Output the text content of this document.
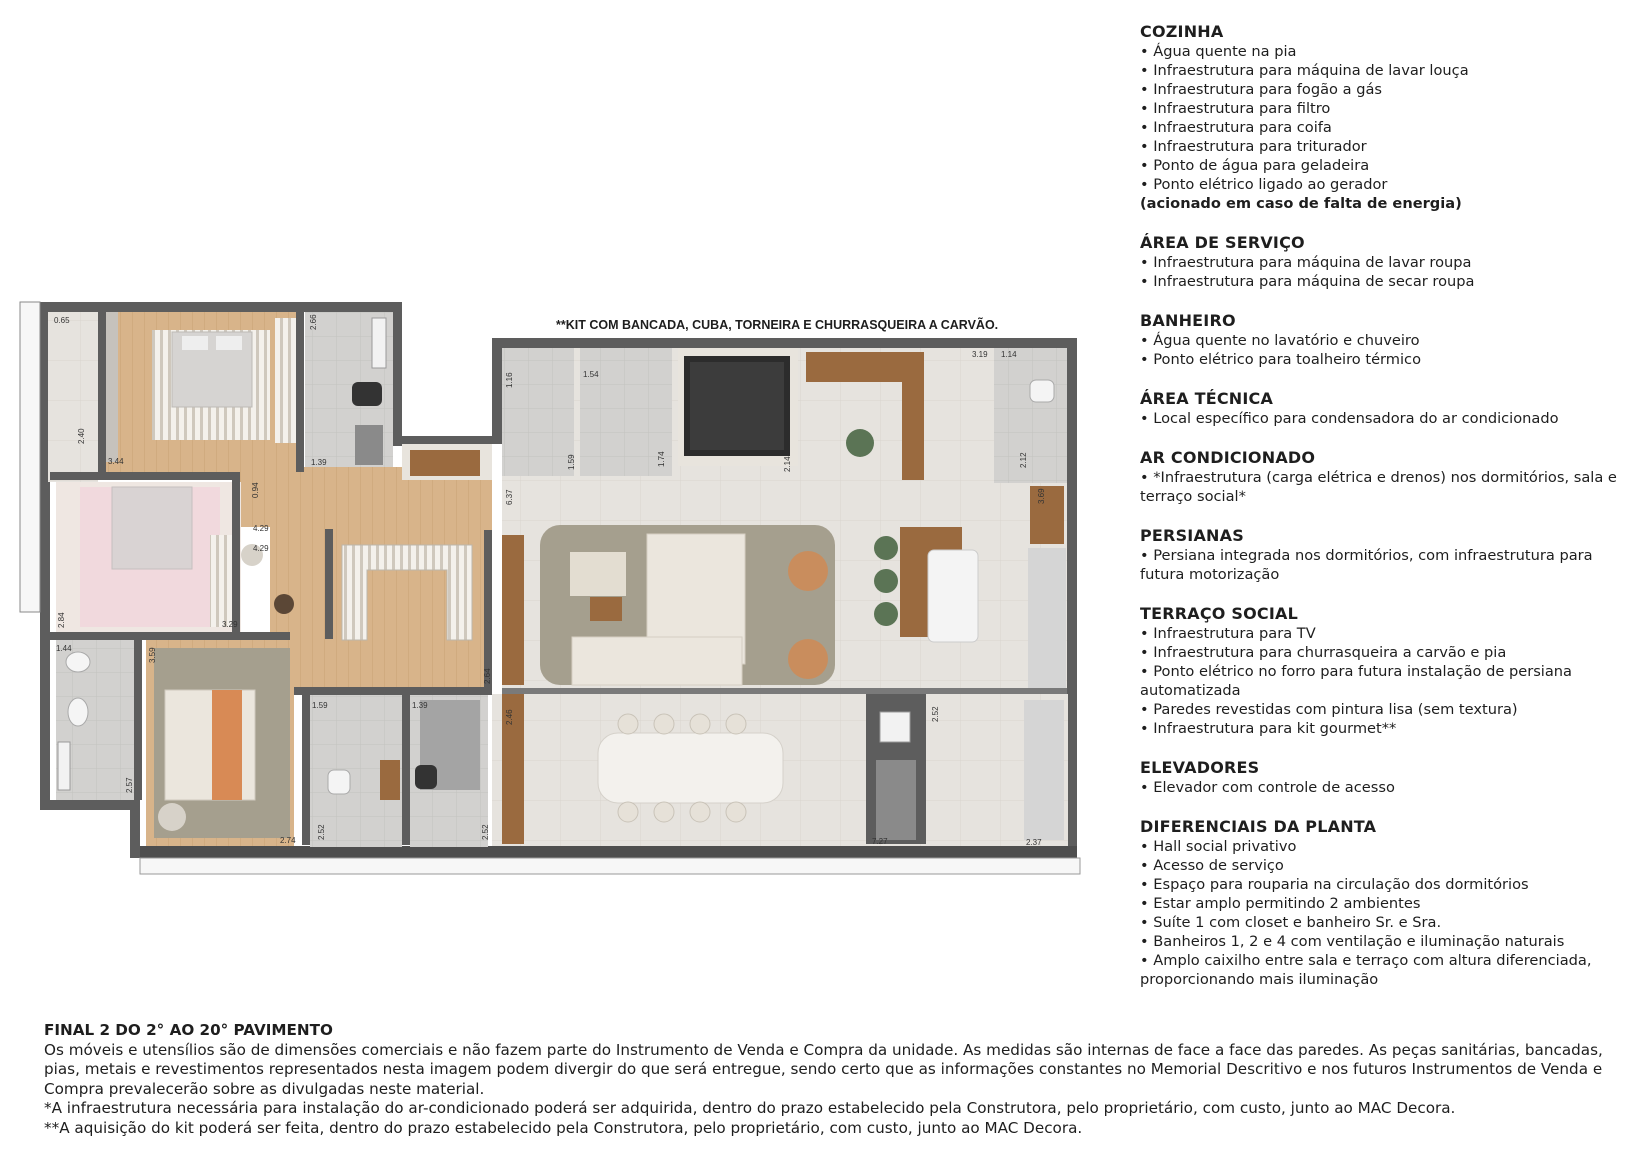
**KIT COM BANCADA, CUBA, TORNEIRA E CHURRASQUEIRA A CARVÃO.
0.65
2.40
3.44
2.66
1.39
0.94
4.29
4.29
3.29
2.84
1.44	3.59
2.57
1.59	1.39
2.64
2.52	2.52
2.74
1.16
1.59
1.54
1.74
6.37
2.14
3.19 1.14
2.12
3.69
2.46	2.52
7.27	2.37

COZINHA

• Água quente na pia
• Infraestrutura para máquina de lavar louça
• Infraestrutura para fogão a gás
• Infraestrutura para filtro
• Infraestrutura para coifa
• Infraestrutura para triturador
• Ponto de água para geladeira
• Ponto elétrico ligado ao gerador
(acionado em caso de falta de energia)

ÁREA DE SERVIÇO

• Infraestrutura para máquina de lavar roupa
• Infraestrutura para máquina de secar roupa

BANHEIRO

• Água quente no lavatório e chuveiro
• Ponto elétrico para toalheiro térmico

ÁREA TÉCNICA

• Local específico para condensadora do ar condicionado

AR CONDICIONADO

• *Infraestrutura (carga elétrica e drenos) nos dormitórios, sala e terraço social*

PERSIANAS

• Persiana integrada nos dormitórios, com infraestrutura para futura motorização

TERRAÇO SOCIAL

• Infraestrutura para TV
• Infraestrutura para churrasqueira a carvão e pia
• Ponto elétrico no forro para futura instalação de persiana automatizada
• Paredes revestidas com pintura lisa (sem textura)
• Infraestrutura para kit gourmet**

ELEVADORES

• Elevador com controle de acesso

DIFERENCIAIS DA PLANTA

• Hall social privativo
• Acesso de serviço
• Espaço para rouparia na circulação dos dormitórios
• Estar amplo permitindo 2 ambientes
• Suíte 1 com closet e banheiro Sr. e Sra.
• Banheiros 1, 2 e 4 com ventilação e iluminação naturais
• Amplo caixilho entre sala e terraço com altura diferenciada, proporcionando mais iluminação

FINAL 2 DO 2° AO 20° PAVIMENTO

Os móveis e utensílios são de dimensões comerciais e não fazem parte do Instrumento de Venda e Compra da unidade. As medidas são internas de face a face das paredes. As peças sanitárias, bancadas, pias, metais e revestimentos representados nesta imagem podem divergir do que será entregue, sendo certo que as informações constantes no Memorial Descritivo e nos futuros Instrumentos de Venda e Compra prevalecerão sobre as divulgadas neste material.

*A infraestrutura necessária para instalação do ar-condicionado poderá ser adquirida, dentro do prazo estabelecido pela Construtora, pelo proprietário, com custo, junto ao MAC Decora.

**A aquisição do kit poderá ser feita, dentro do prazo estabelecido pela Construtora, pelo proprietário, com custo, junto ao MAC Decora.
